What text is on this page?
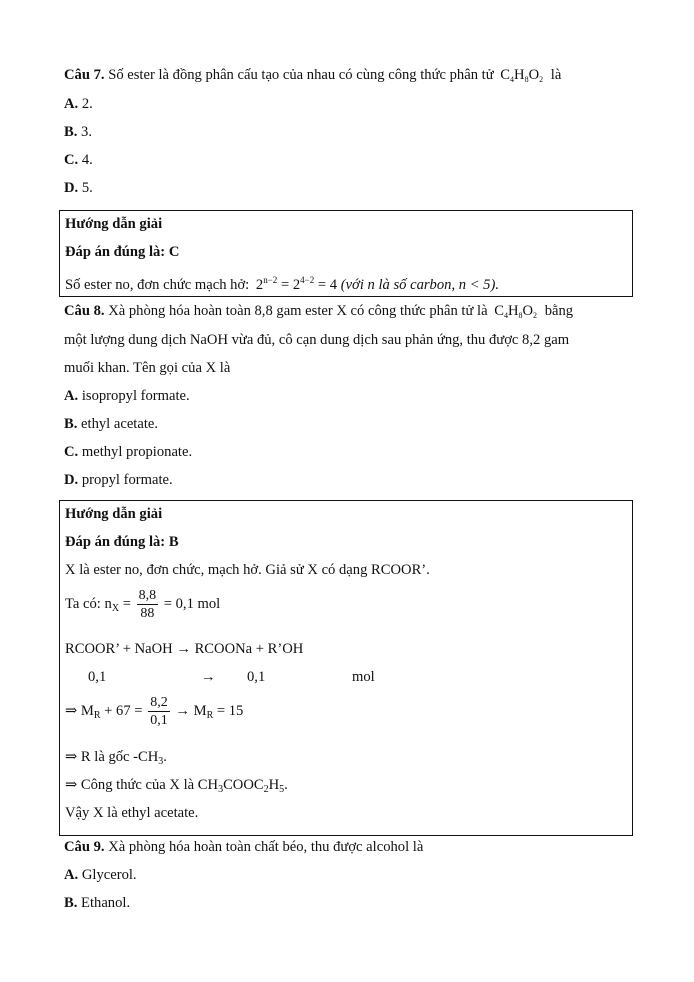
Câu 7. Số ester là đồng phân cấu tạo của nhau có cùng công thức phân tử $C_4H_8O_2$ là
A. 2.
B. 3.
C. 4.
D. 5.
Hướng dẫn giải
Đáp án đúng là: C
Số ester no, đơn chức mạch hở: $2^{n-2} = 2^{4-2} = 4$ (với n là số carbon, n < 5).
Câu 8. Xà phòng hóa hoàn toàn 8,8 gam ester X có công thức phân tử là $C_4H_8O_2$ bằng
một lượng dung dịch NaOH vừa đủ, cô cạn dung dịch sau phản ứng, thu được 8,2 gam
muối khan. Tên gọi của X là
A. isopropyl formate.
B. ethyl acetate.
C. methyl propionate.
D. propyl formate.
Hướng dẫn giải
Đáp án đúng là: B
X là ester no, đơn chức, mạch hở. Giả sử X có dạng RCOOR’.
Ta có: $n_X = \frac{8,8}{88} = 0,1$ mol
RCOOR’ + NaOH → RCOONa + R’OH
0,1	→ 0,1	mol
⇒ $M_R + 67 = \frac{8,2}{0,1} \to M_R = 15$
⇒ R là gốc $-CH_3$.
⇒ Công thức của X là $CH_3COOC_2H_5$.
Vậy X là ethyl acetate.
Câu 9. Xà phòng hóa hoàn toàn chất béo, thu được alcohol là
A. Glycerol.
B. Ethanol.
